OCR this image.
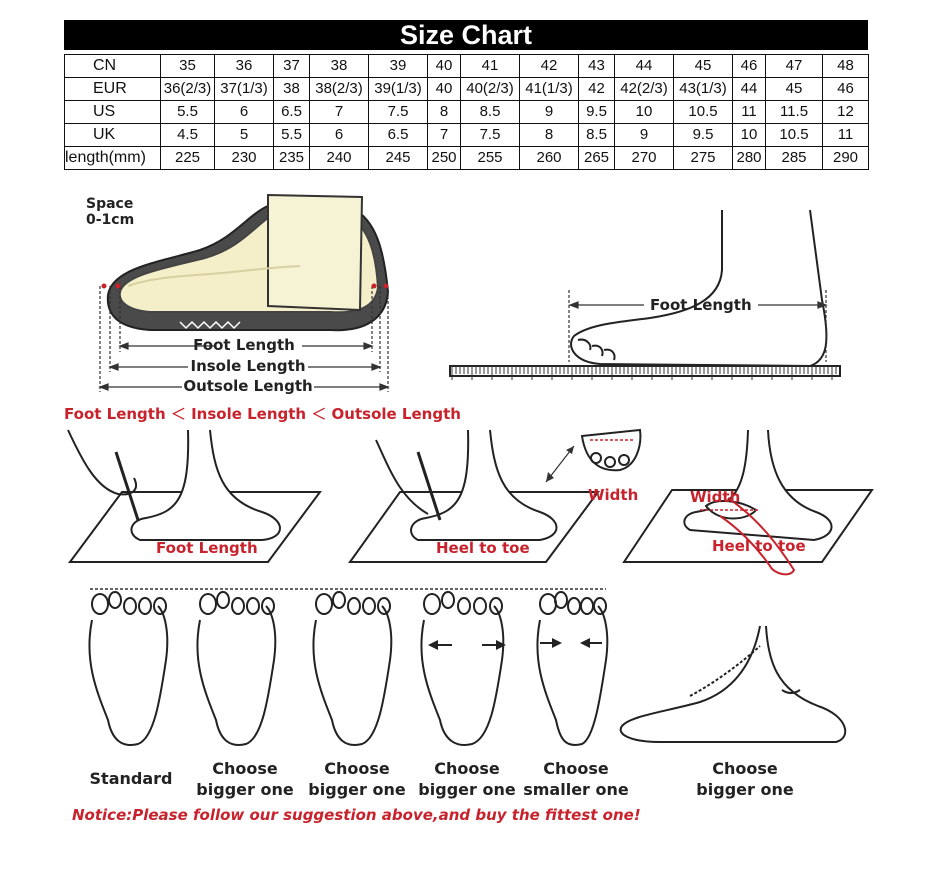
Size Chart
CN	35	36	37	38	39	40	41	42	43	44	45	46	47	48
EUR	36(2/3)	37(1/3)	38	38(2/3)	39(1/3)	40	40(2/3)	41(1/3)	42	42(2/3)	43(1/3)	44	45	46
US	5.5	6	6.5	7	7.5	8	8.5	9	9.5	10	10.5	11	11.5	12
UK	4.5	5	5.5	6	6.5	7	7.5	8	8.5	9	9.5	10	10.5	11
length(mm)	225	230	235	240	245	250	255	260	265	270	275	280	285	290
Space
0-1cm
Foot Length
Insole Length
Outsole Length
Foot Length ＜ Insole Length ＜ Outsole Length
Foot Length
Foot Length	Heel to toe
Width	Width
Heel to toe
Standard
Choose
bigger one
Choose
bigger one
Choose
bigger one
Choose
smaller one
Choose
bigger one
Notice:Please follow our suggestion above,and buy the fittest one!
